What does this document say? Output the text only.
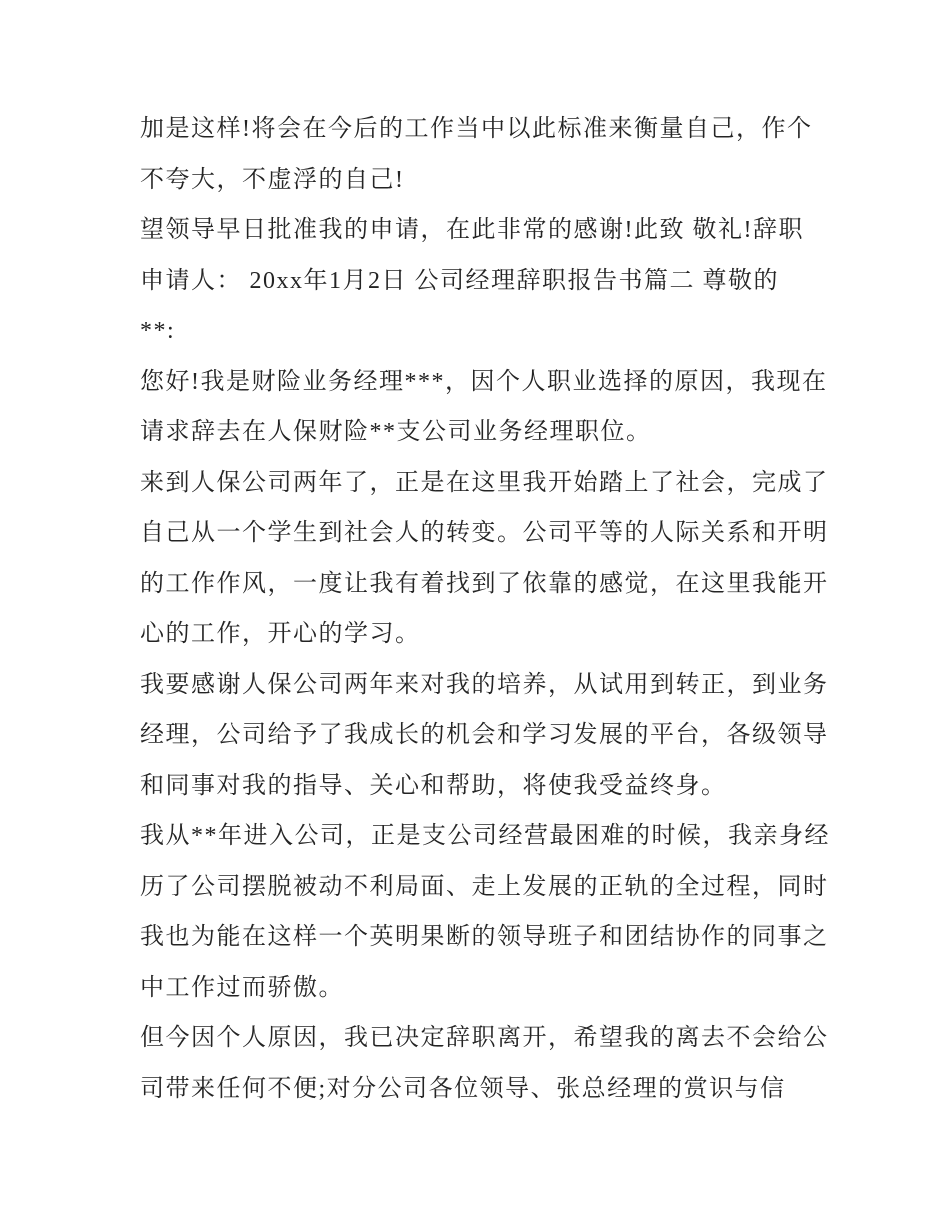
加是这样!将会在今后的工作当中以此标准来衡量自己，作个
不夸大，不虚浮的自己!
望领导早日批准我的申请，在此非常的感谢!此致 敬礼!辞职
申请人： 20xx年1月2日 公司经理辞职报告书篇二 尊敬的
**:
您好!我是财险业务经理***，因个人职业选择的原因，我现在
请求辞去在人保财险**支公司业务经理职位。
来到人保公司两年了，正是在这里我开始踏上了社会，完成了
自己从一个学生到社会人的转变。公司平等的人际关系和开明
的工作作风，一度让我有着找到了依靠的感觉，在这里我能开
心的工作，开心的学习。
我要感谢人保公司两年来对我的培养，从试用到转正，到业务
经理，公司给予了我成长的机会和学习发展的平台，各级领导
和同事对我的指导、关心和帮助，将使我受益终身。
我从**年进入公司，正是支公司经营最困难的时候，我亲身经
历了公司摆脱被动不利局面、走上发展的正轨的全过程，同时
我也为能在这样一个英明果断的领导班子和团结协作的同事之
中工作过而骄傲。
但今因个人原因，我已决定辞职离开，希望我的离去不会给公
司带来任何不便;对分公司各位领导、张总经理的赏识与信
